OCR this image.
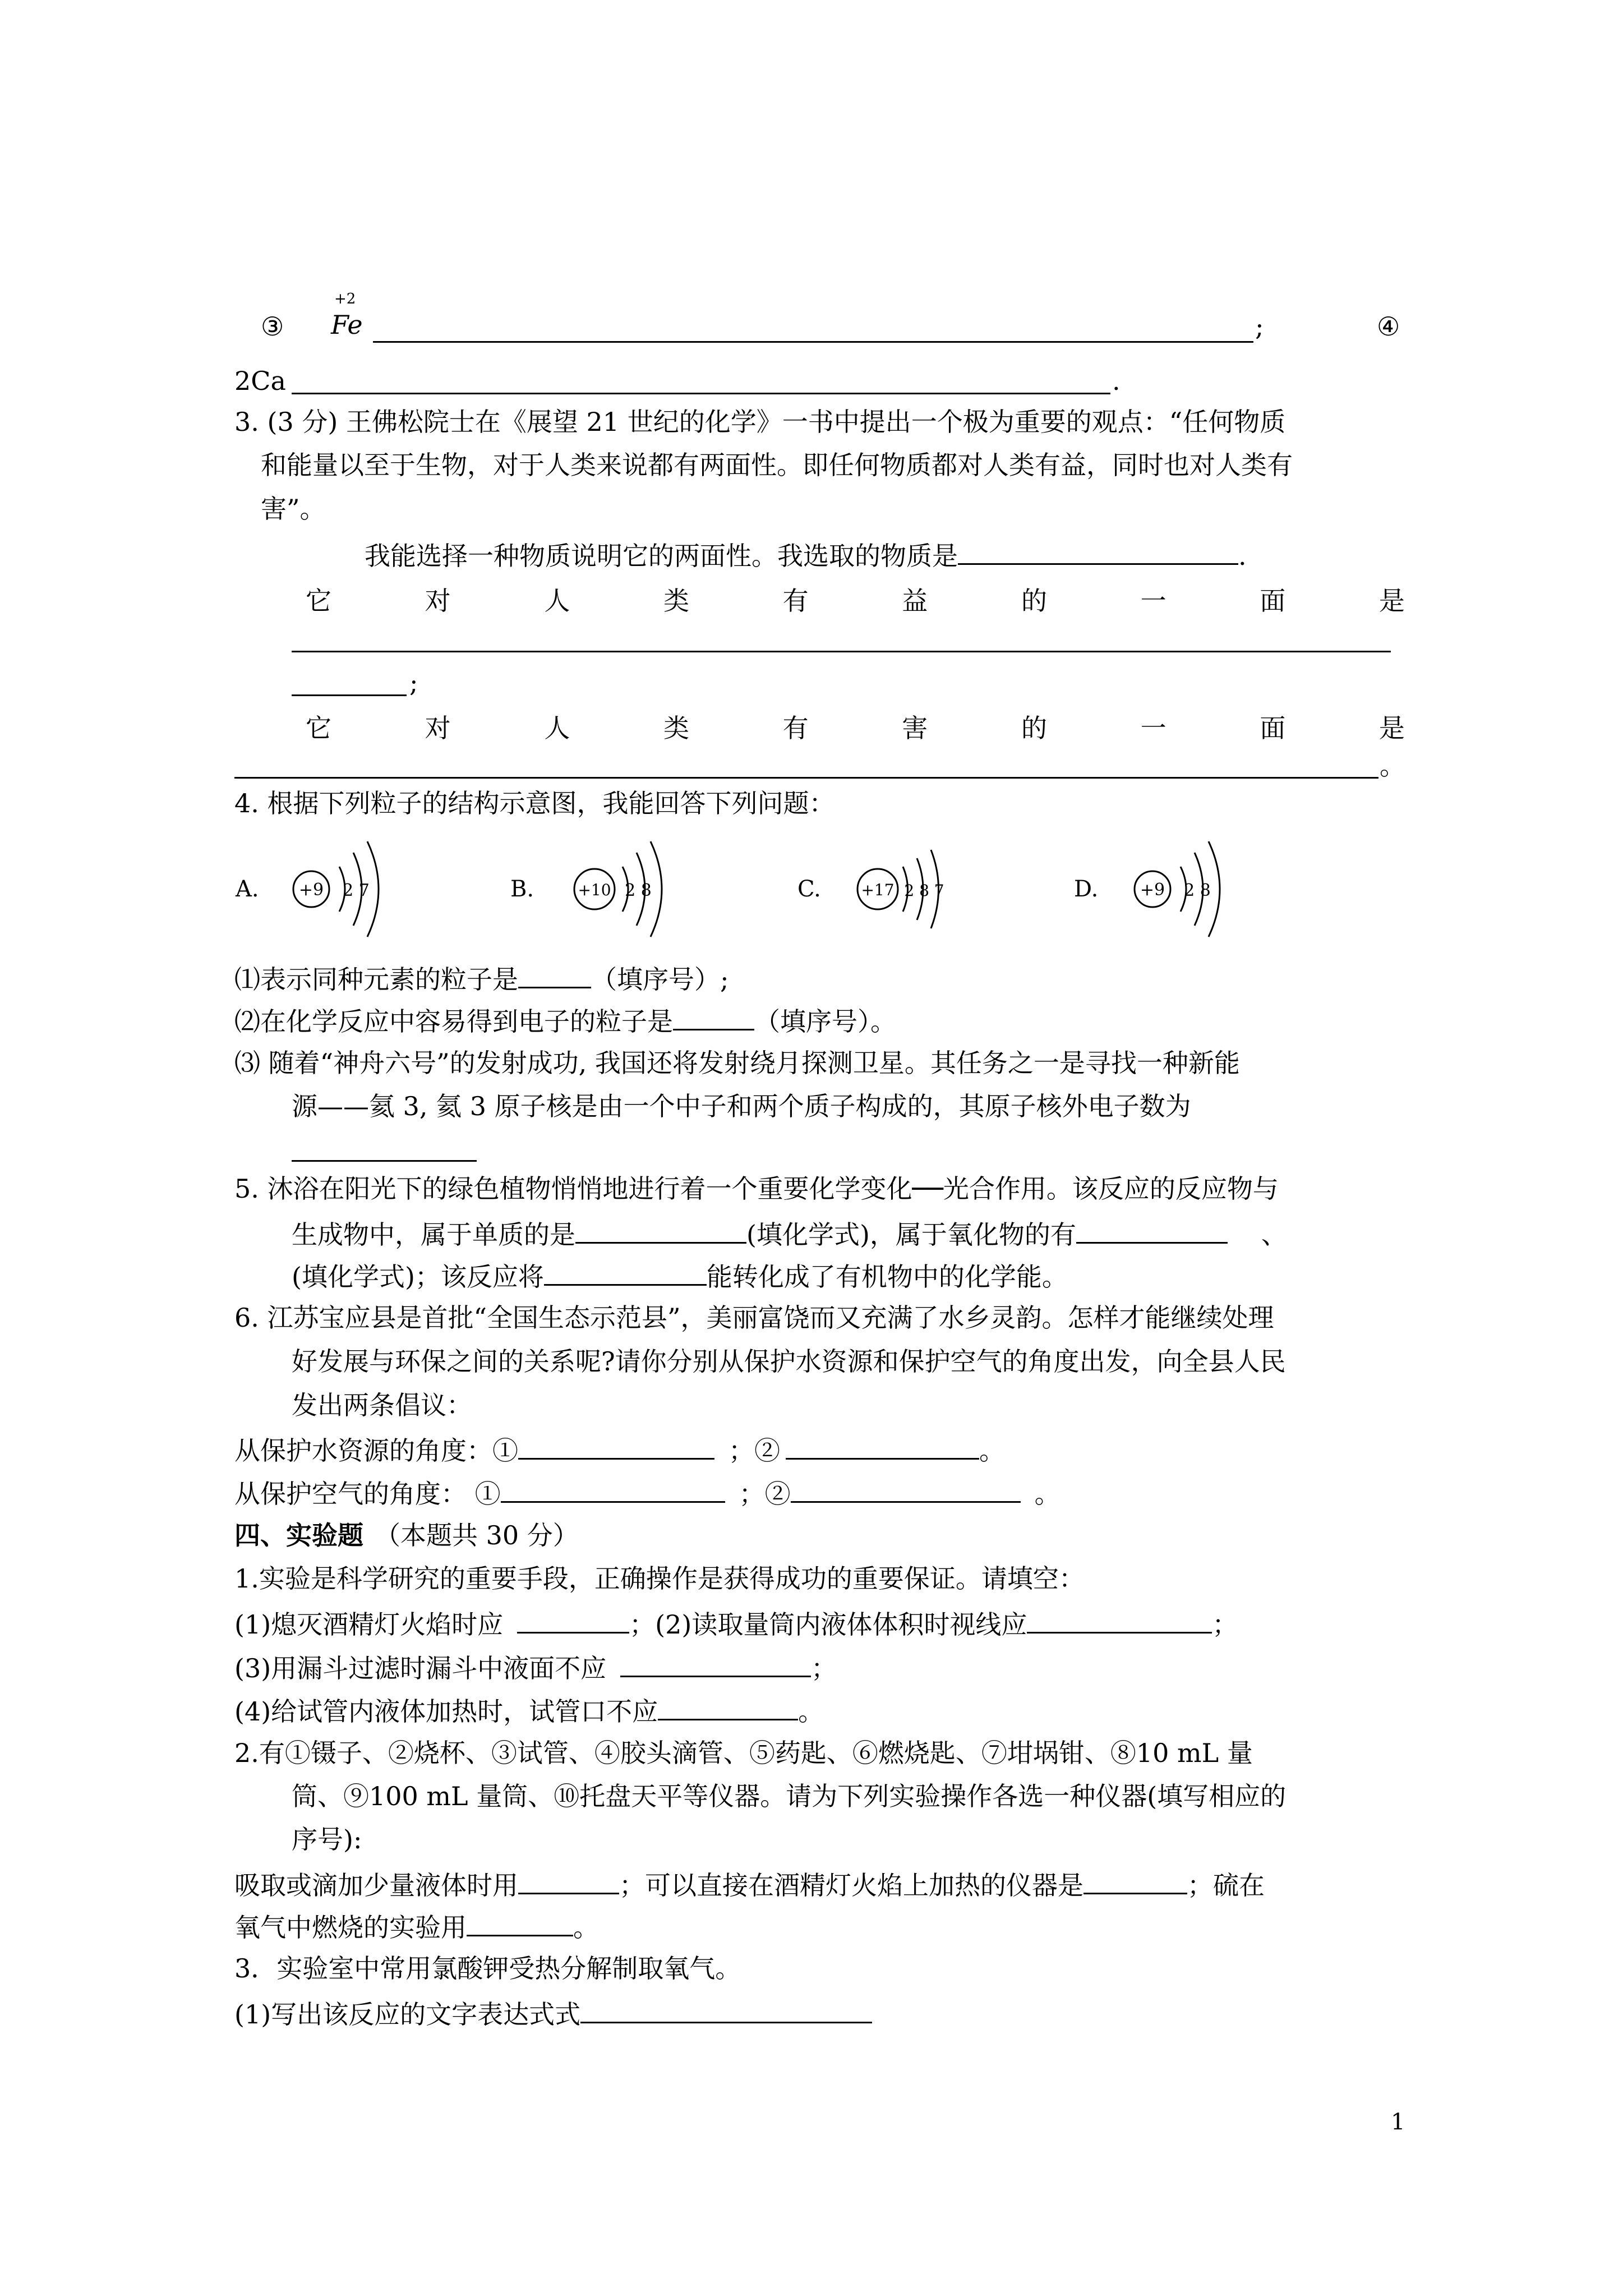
③
+2
Fe	;	④
2Ca	.
3. (3 分) 王佛松院士在《展望 21 世纪的化学》一书中提出一个极为重要的观点：“任何物质
和能量以至于生物，对于人类来说都有两面性。即任何物质都对人类有益，同时也对人类有
害”。
我能选择一种物质说明它的两面性。我选取的物质是	.
它	对	人	类	有	益	的	一	面	是
;
它	对	人	类	有	害	的	一	面	是
。
4. 根据下列粒子的结构示意图，我能回答下列问题：
A. +9 2 7	B.	+10 2 8	C.	+17 2 8 7	D. +9 2 8
⑴表示同种元素的粒子是	（填序号）;
⑵在化学反应中容易得到电子的粒子是	（填序号）。
⑶ 随着“神舟六号”的发射成功, 我国还将发射绕月探测卫星。其任务之一是寻找一种新能
源——氦 3, 氦 3 原子核是由一个中子和两个质子构成的，其原子核外电子数为
5. 沐浴在阳光下的绿色植物悄悄地进行着一个重要化学变化──光合作用。该反应的反应物与
生成物中，属于单质的是	(填化学式)，属于氧化物的有	、
(填化学式)；该反应将	能转化成了有机物中的化学能。
6. 江苏宝应县是首批“全国生态示范县”，美丽富饶而又充满了水乡灵韵。怎样才能继续处理
好发展与环保之间的关系呢?请你分别从保护水资源和保护空气的角度出发，向全县人民
发出两条倡议：
从保护水资源的角度：①	；②	。
从保护空气的角度： ①	；②	。
四、实验题 （本题共 30 分）
1.实验是科学研究的重要手段，正确操作是获得成功的重要保证。请填空：
(1)熄灭酒精灯火焰时应	；(2)读取量筒内液体体积时视线应	；
(3)用漏斗过滤时漏斗中液面不应	；
(4)给试管内液体加热时，试管口不应	。
2.有①镊子、②烧杯、③试管、④胶头滴管、⑤药匙、⑥燃烧匙、⑦坩埚钳、⑧10 mL 量
筒、⑨100 mL 量筒、⑩托盘天平等仪器。请为下列实验操作各选一种仪器(填写相应的
序号):
吸取或滴加少量液体时用	；可以直接在酒精灯火焰上加热的仪器是	；硫在
氧气中燃烧的实验用	。
3．实验室中常用氯酸钾受热分解制取氧气。
(1)写出该反应的文字表达式式
1
